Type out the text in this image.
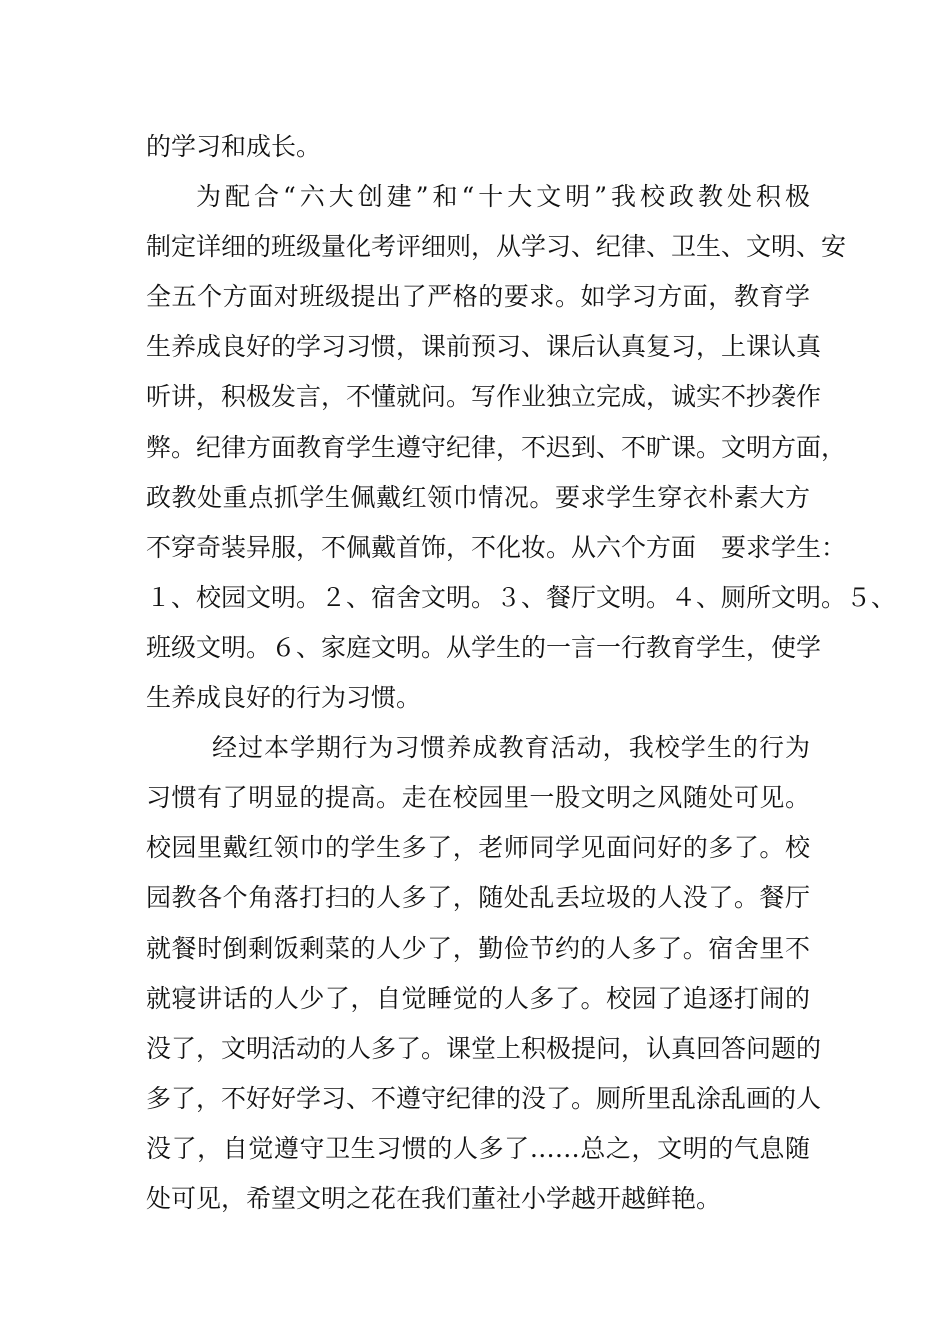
的学习和成长。
为配合“六大创建”和“十大文明”我校政教处积极
制定详细的班级量化考评细则，从学习、纪律、卫生、文明、安
全五个方面对班级提出了严格的要求。如学习方面，教育学
生养成良好的学习习惯，课前预习、课后认真复习，上课认真
听讲，积极发言，不懂就问。写作业独立完成，诚实不抄袭作
弊。纪律方面教育学生遵守纪律，不迟到、不旷课。文明方面，
政教处重点抓学生佩戴红领巾情况。要求学生穿衣朴素大方
不穿奇装异服，不佩戴首饰，不化妆。从六个方面　要求学生：
１、校园文明。２、宿舍文明。３、餐厅文明。４、厕所文明。５、
班级文明。６、家庭文明。从学生的一言一行教育学生，使学
生养成良好的行为习惯。
经过本学期行为习惯养成教育活动，我校学生的行为
习惯有了明显的提高。走在校园里一股文明之风随处可见。
校园里戴红领巾的学生多了，老师同学见面问好的多了。校
园教各个角落打扫的人多了，随处乱丢垃圾的人没了。餐厅
就餐时倒剩饭剩菜的人少了，勤俭节约的人多了。宿舍里不
就寝讲话的人少了，自觉睡觉的人多了。校园了追逐打闹的
没了，文明活动的人多了。课堂上积极提问，认真回答问题的
多了，不好好学习、不遵守纪律的没了。厕所里乱涂乱画的人
没了，自觉遵守卫生习惯的人多了……总之，文明的气息随
处可见，希望文明之花在我们董社小学越开越鲜艳。
